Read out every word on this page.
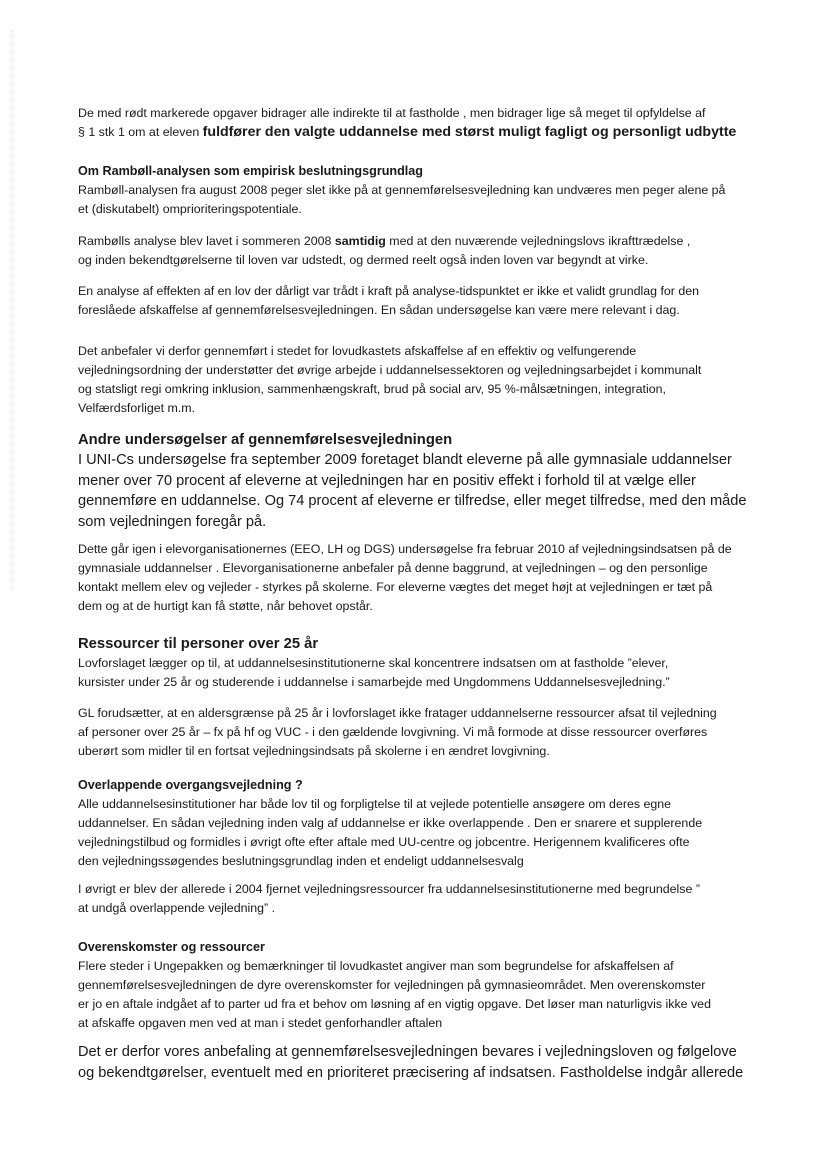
De med rødt markerede opgaver bidrager alle indirekte til at fastholde , men bidrager lige så meget til opfyldelse af
§ 1 stk 1 om at eleven fuldfører den valgte uddannelse med størst muligt fagligt og personligt udbytte
Om Rambøll-analysen som empirisk beslutningsgrundlag

Rambøll-analysen fra august 2008 peger slet ikke på at gennemførelsesvejledning kan undværes men peger alene på
et (diskutabelt) omprioriteringspotentiale.

Rambølls analyse blev lavet i sommeren 2008 samtidig med at den nuværende vejledningslovs ikrafttrædelse ,
og inden bekendtgørelserne til loven var udstedt, og dermed reelt også inden loven var begyndt at virke.
En analyse af effekten af en lov der dårligt var trådt i kraft på analyse-tidspunktet er ikke et validt grundlag for den
foreslåede afskaffelse af gennemførelsesvejledningen. En sådan undersøgelse kan være mere relevant i dag.
Det anbefaler vi derfor gennemført i stedet for lovudkastets afskaffelse af en effektiv og velfungerende
vejledningsordning der understøtter det øvrige arbejde i uddannelsessektoren og vejledningsarbejdet i kommunalt
og statsligt regi omkring inklusion, sammenhængskraft, brud på social arv, 95 %-målsætningen, integration,
Velfærdsforliget m.m.
Andre undersøgelser af gennemførelsesvejledningen

I UNI-Cs undersøgelse fra september 2009 foretaget blandt eleverne på alle gymnasiale uddannelser
mener over 70 procent af eleverne at vejledningen har en positiv effekt i forhold til at vælge eller
gennemføre en uddannelse. Og 74 procent af eleverne er tilfredse, eller meget tilfredse, med den måde
som vejledningen foregår på.

Dette går igen i elevorganisationernes (EEO, LH og DGS) undersøgelse fra februar 2010 af vejledningsindsatsen på de
gymnasiale uddannelser . Elevorganisationerne anbefaler på denne baggrund, at vejledningen – og den personlige
kontakt mellem elev og vejleder - styrkes på skolerne. For eleverne vægtes det meget højt at vejledningen er tæt på
dem og at de hurtigt kan få støtte, når behovet opstår.
Ressourcer til personer over 25 år

Lovforslaget lægger op til, at uddannelsesinstitutionerne skal koncentrere indsatsen om at fastholde ”elever,
kursister under 25 år og studerende i uddannelse i samarbejde med Ungdommens Uddannelsesvejledning.”

GL forudsætter, at en aldersgrænse på 25 år i lovforslaget ikke fratager uddannelserne ressourcer afsat til vejledning
af personer over 25 år – fx på hf og VUC - i den gældende lovgivning. Vi må formode at disse ressourcer overføres
uberørt som midler til en fortsat vejledningsindsats på skolerne i en ændret lovgivning.
Overlappende overgangsvejledning ?

Alle uddannelsesinstitutioner har både lov til og forpligtelse til at vejlede potentielle ansøgere om deres egne
uddannelser. En sådan vejledning inden valg af uddannelse er ikke overlappende . Den er snarere et supplerende
vejledningstilbud og formidles i øvrigt ofte efter aftale med UU-centre og jobcentre. Herigennem kvalificeres ofte
den vejledningssøgendes beslutningsgrundlag inden et endeligt uddannelsesvalg

I øvrigt er blev der allerede i 2004 fjernet vejledningsressourcer fra uddannelsesinstitutionerne med begrundelse ”
at undgå overlappende vejledning” .
Overenskomster og ressourcer

Flere steder i Ungepakken og bemærkninger til lovudkastet angiver man som begrundelse for afskaffelsen af
gennemførelsesvejledningen de dyre overenskomster for vejledningen på gymnasieområdet. Men overenskomster
er jo en aftale indgået af to parter ud fra et behov om løsning af en vigtig opgave. Det løser man naturligvis ikke ved
at afskaffe opgaven men ved at man i stedet genforhandler aftalen

Det er derfor vores anbefaling at gennemførelsesvejledningen bevares i vejledningsloven og følgelove
og bekendtgørelser, eventuelt med en prioriteret præcisering af indsatsen. Fastholdelse indgår allerede
